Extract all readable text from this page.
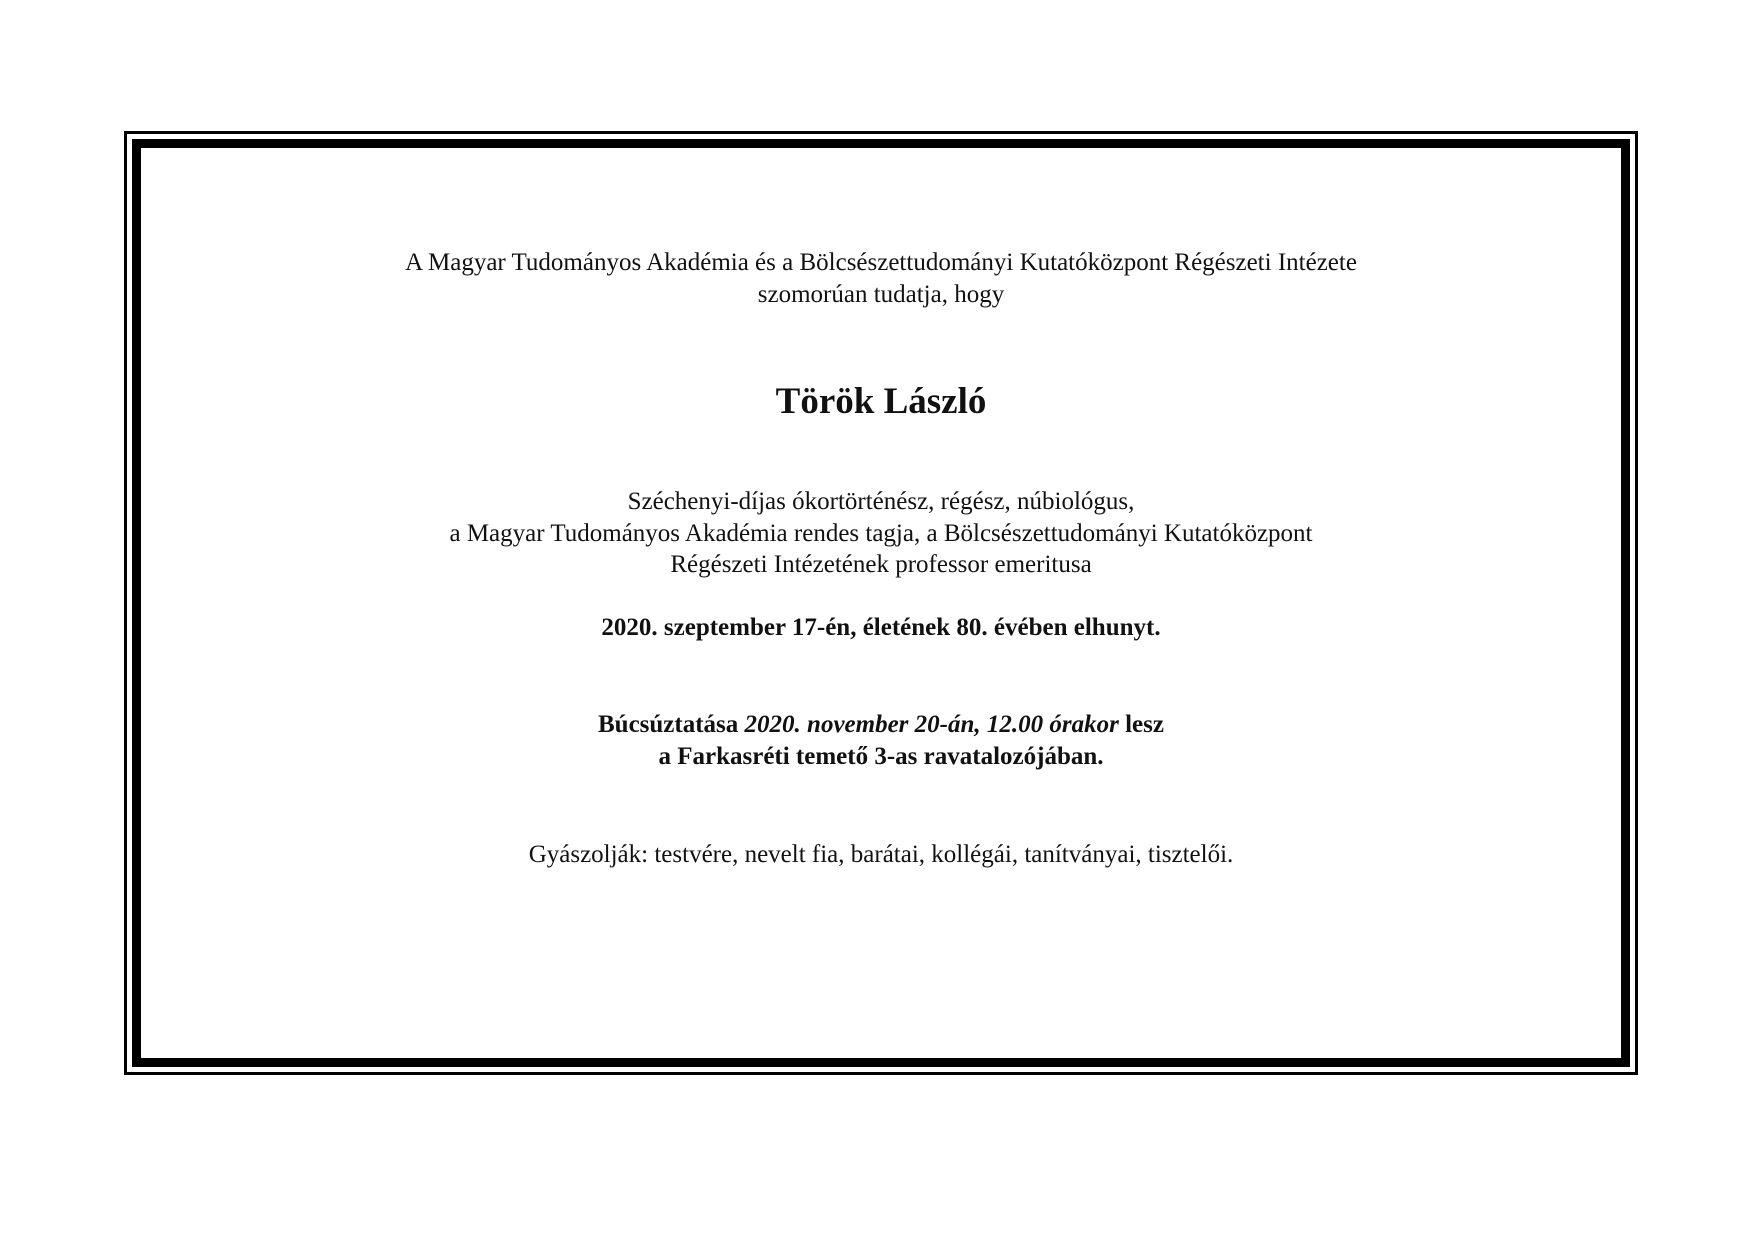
A Magyar Tudományos Akadémia és a Bölcsészettudományi Kutatóközpont Régészeti Intézete
szomorúan tudatja, hogy
Török László
Széchenyi-díjas ókortörténész, régész, núbiológus,
a Magyar Tudományos Akadémia rendes tagja, a Bölcsészettudományi Kutatóközpont
Régészeti Intézetének professor emeritusa
2020. szeptember 17-én, életének 80. évében elhunyt.
Búcsúztatása 2020. november 20-án, 12.00 órakor lesz
a Farkasréti temető 3-as ravatalozójában.
Gyászolják: testvére, nevelt fia, barátai, kollégái, tanítványai, tisztelői.
